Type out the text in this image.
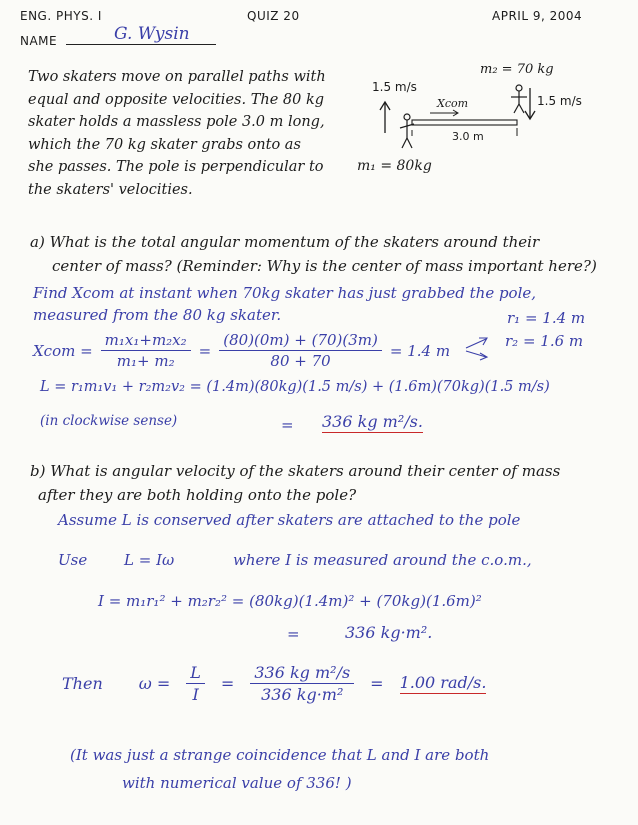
ENG. PHYS. I	QUIZ 20	APRIL 9, 2004
NAME	G. Wysin
Two skaters move on parallel paths with
equal and opposite velocities. The 80 kg
skater holds a massless pole 3.0 m long,
which the 70 kg skater grabs onto as
she passes. The pole is perpendicular to
the skaters' velocities.
1.5 m/s
m₂ = 70 kg
1.5 m/s
Xcom
3.0 m
m₁ = 80kg
a) What is the total angular momentum of the skaters around their
center of mass? (Reminder: Why is the center of mass important here?)
Find Xcom at instant when 70kg skater has just grabbed the pole,
measured from the 80 kg skater.
Xcom = $\frac{\text{m₁x₁+m₂x₂}}{\text{m₁+ m₂}} = \frac{(80)(0m) + (70)(3m)}{80 + 70} = 1.4$ m
r₁ = 1.4 m
r₂ = 1.6 m
L = r₁m₁v₁ + r₂m₂v₂ = (1.4m)(80kg)(1.5 m/s) + (1.6m)(70kg)(1.5 m/s)
(in clockwise sense)	= 336 kg m²/s.
b) What is angular velocity of the skaters around their center of mass
after they are both holding onto the pole?
Assume L is conserved after skaters are attached to the pole
Use L = Iω	where I is measured around the c.o.m.,
I = m₁r₁² + m₂r₂² = (80kg)(1.4m)² + (70kg)(1.6m)²
=	336 kg·m².
Then	$\omega = \frac{L}{I} = \frac{\text{336 kg m²/s}}{\text{336 kg·m²}} = 1.00$ rad/s.
(It was just a strange coincidence that L and I are both
with numerical value of 336! )
